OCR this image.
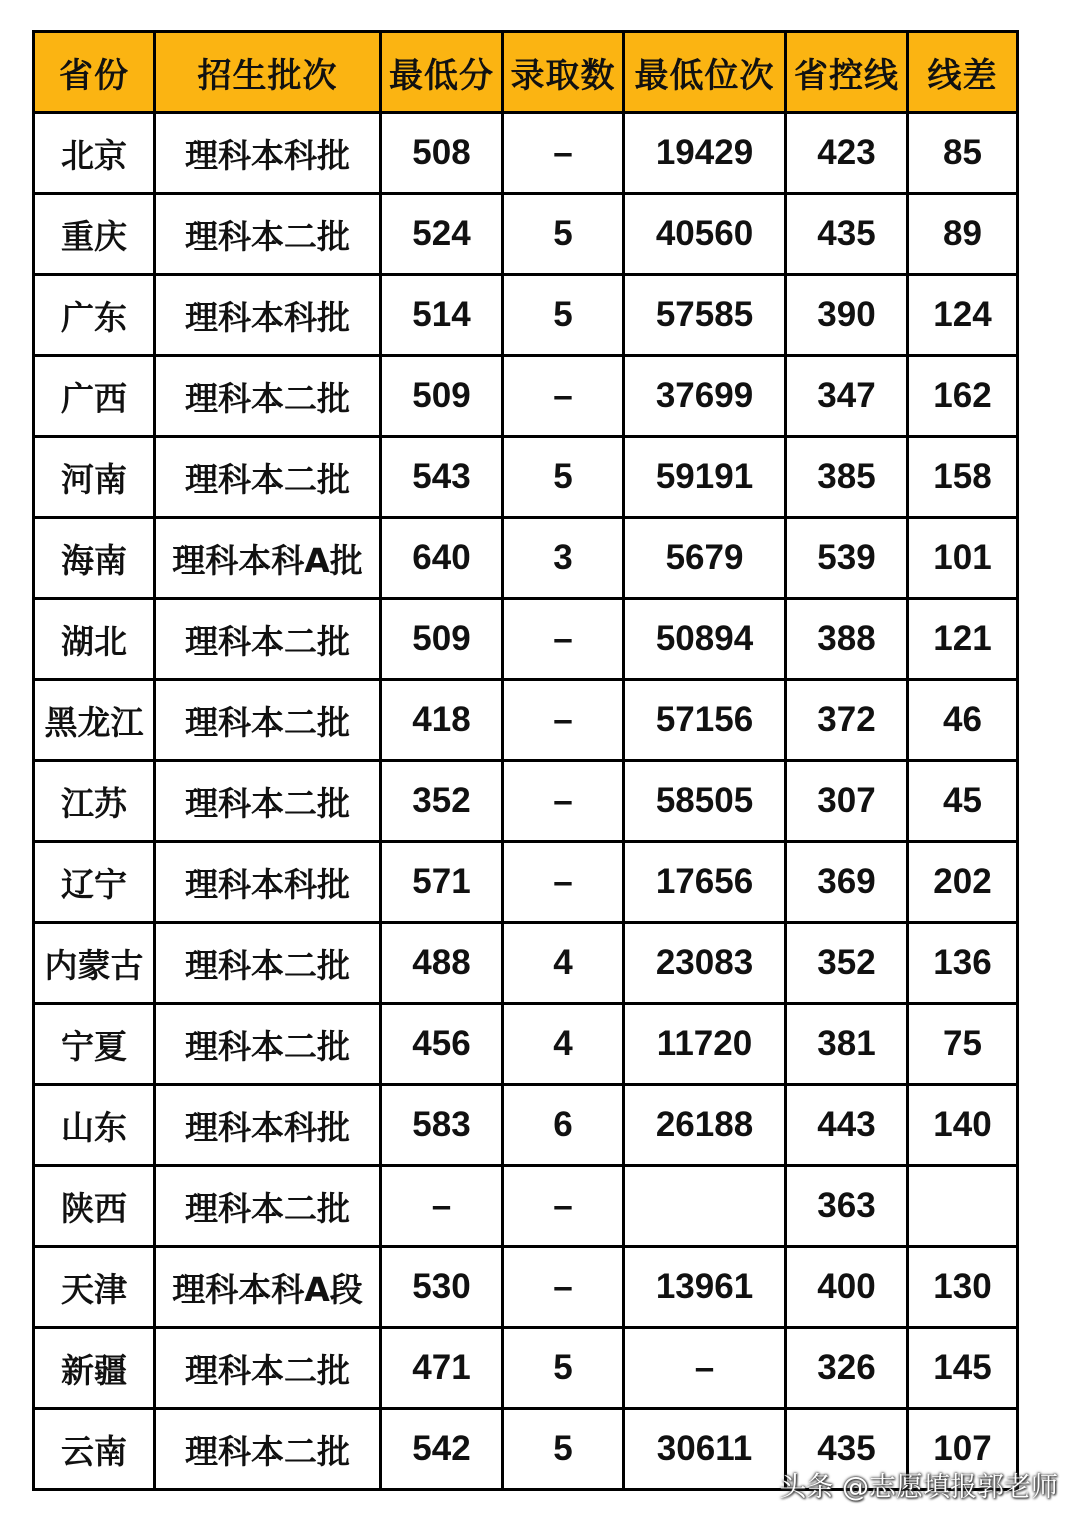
省份	招生批次	最低分	录取数	最低位次	省控线	线差
北京	理科本科批	508	–	19429	423	85
重庆	理科本二批	524	5	40560	435	89
广东	理科本科批	514	5	57585	390	124
广西	理科本二批	509	–	37699	347	162
河南	理科本二批	543	5	59191	385	158
海南	理科本科A批	640	3	5679	539	101
湖北	理科本二批	509	–	50894	388	121
黑龙江	理科本二批	418	–	57156	372	46
江苏	理科本二批	352	–	58505	307	45
辽宁	理科本科批	571	–	17656	369	202
内蒙古	理科本二批	488	4	23083	352	136
宁夏	理科本二批	456	4	11720	381	75
山东	理科本科批	583	6	26188	443	140
陕西	理科本二批	–	–		363	
天津	理科本科A段	530	–	13961	400	130
新疆	理科本二批	471	5	–	326	145
云南	理科本二批	542	5	30611	435	107
头条 @志愿填报郭老师
